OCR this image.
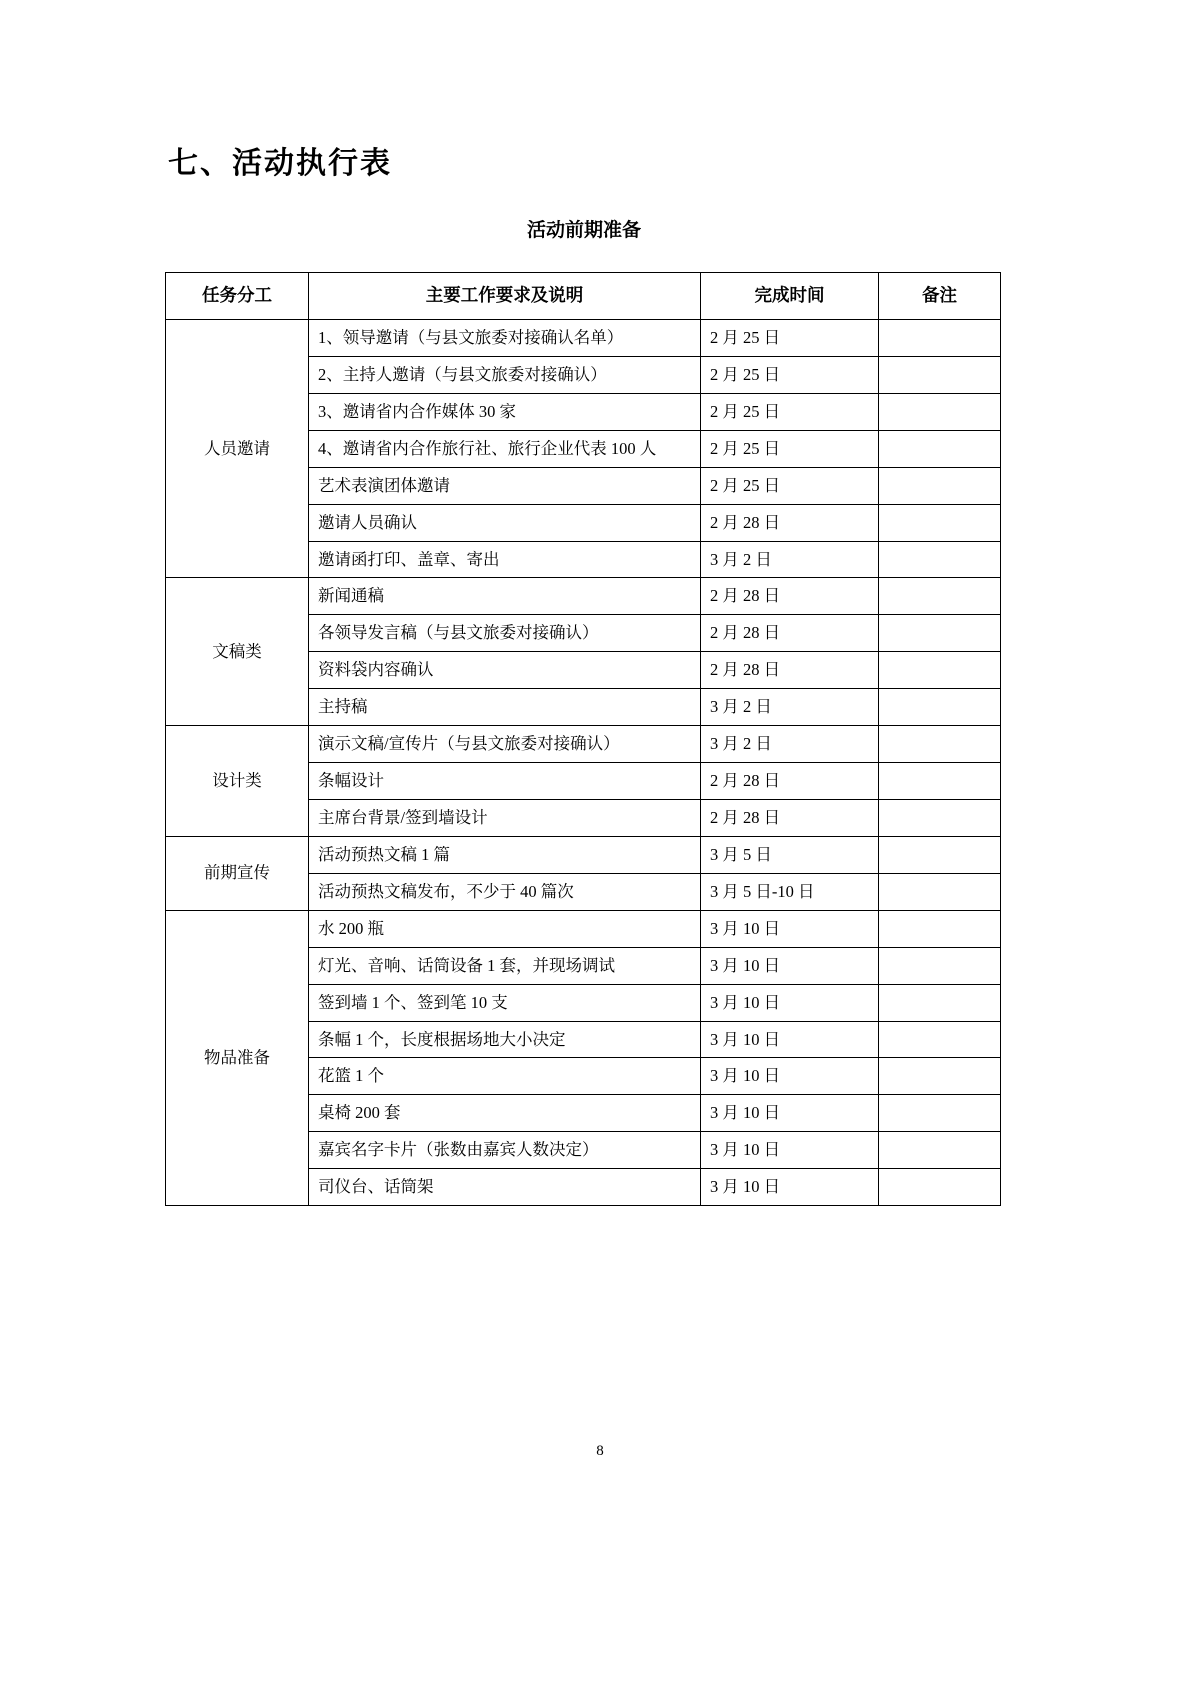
七、活动执行表
活动前期准备
任务分工	主要工作要求及说明	完成时间	备注
人员邀请	1、领导邀请（与县文旅委对接确认名单）	2 月 25 日	
	2、主持人邀请（与县文旅委对接确认）	2 月 25 日	
	3、邀请省内合作媒体 30 家	2 月 25 日	
	4、邀请省内合作旅行社、旅行企业代表 100 人	2 月 25 日	
	艺术表演团体邀请	2 月 25 日	
	邀请人员确认	2 月 28 日	
	邀请函打印、盖章、寄出	3 月 2 日	
文稿类	新闻通稿	2 月 28 日	
	各领导发言稿（与县文旅委对接确认）	2 月 28 日	
	资料袋内容确认	2 月 28 日	
	主持稿	3 月 2 日	
设计类	演示文稿/宣传片（与县文旅委对接确认）	3 月 2 日	
	条幅设计	2 月 28 日	
	主席台背景/签到墙设计	2 月 28 日	
前期宣传	活动预热文稿 1 篇	3 月 5 日	
	活动预热文稿发布，不少于 40 篇次	3 月 5 日-10 日	
物品准备	水 200 瓶	3 月 10 日	
	灯光、音响、话筒设备 1 套，并现场调试	3 月 10 日	
	签到墙 1 个、签到笔 10 支	3 月 10 日	
	条幅 1 个，长度根据场地大小决定	3 月 10 日	
	花篮 1 个	3 月 10 日	
	桌椅 200 套	3 月 10 日	
	嘉宾名字卡片（张数由嘉宾人数决定）	3 月 10 日	
	司仪台、话筒架	3 月 10 日	
8
